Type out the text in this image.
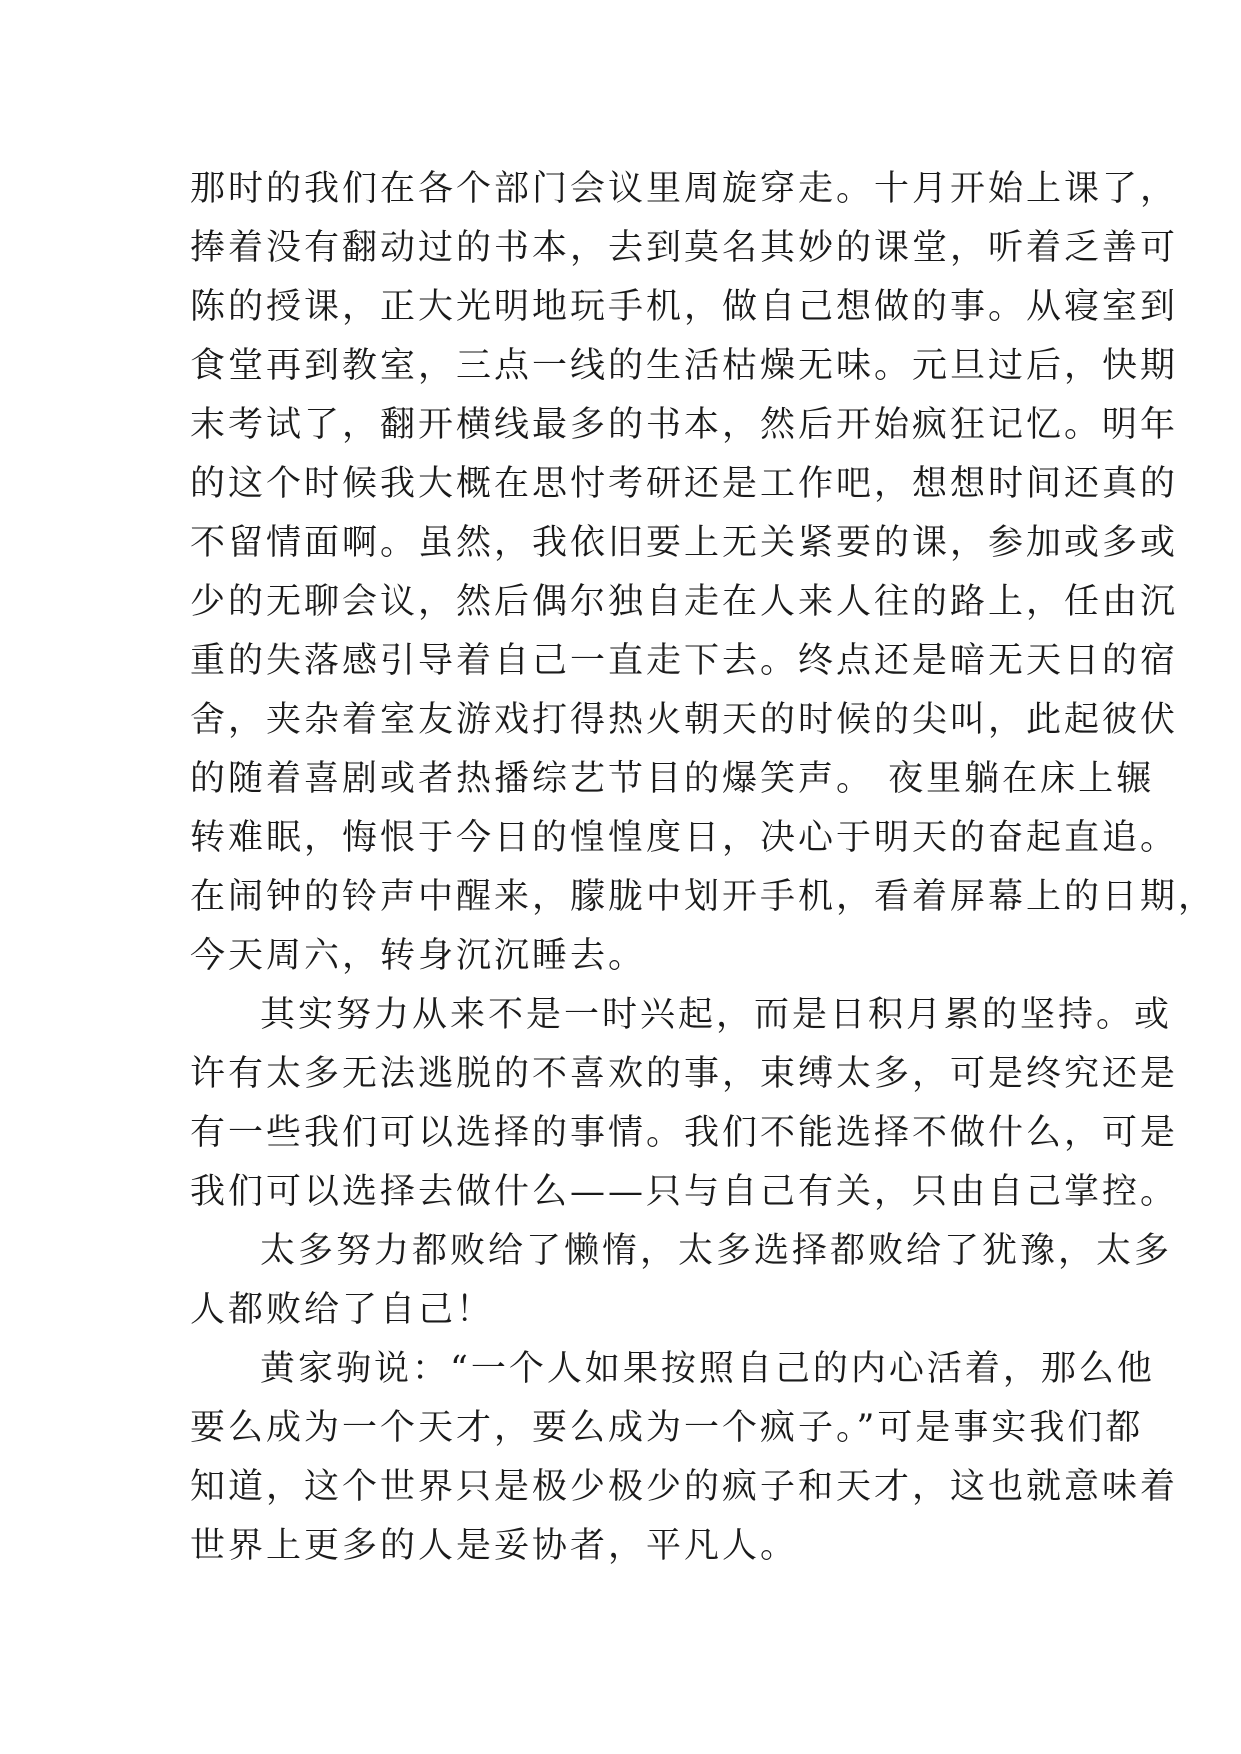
那时的我们在各个部门会议里周旋穿走。十月开始上课了，
捧着没有翻动过的书本，去到莫名其妙的课堂，听着乏善可
陈的授课，正大光明地玩手机，做自己想做的事。从寝室到
食堂再到教室，三点一线的生活枯燥无味。元旦过后，快期
末考试了，翻开横线最多的书本，然后开始疯狂记忆。明年
的这个时候我大概在思忖考研还是工作吧，想想时间还真的
不留情面啊。虽然，我依旧要上无关紧要的课，参加或多或
少的无聊会议，然后偶尔独自走在人来人往的路上，任由沉
重的失落感引导着自己一直走下去。终点还是暗无天日的宿
舍，夹杂着室友游戏打得热火朝天的时候的尖叫，此起彼伏
的随着喜剧或者热播综艺节目的爆笑声。 夜里躺在床上辗
转难眠，悔恨于今日的惶惶度日，决心于明天的奋起直追。
在闹钟的铃声中醒来，朦胧中划开手机，看着屏幕上的日期，
今天周六，转身沉沉睡去。
其实努力从来不是一时兴起，而是日积月累的坚持。或
许有太多无法逃脱的不喜欢的事，束缚太多，可是终究还是
有一些我们可以选择的事情。我们不能选择不做什么，可是
我们可以选择去做什么——只与自己有关，只由自己掌控。
太多努力都败给了懒惰，太多选择都败给了犹豫，太多
人都败给了自己！
黄家驹说：“一个人如果按照自己的内心活着，那么他
要么成为一个天才，要么成为一个疯子。”可是事实我们都
知道，这个世界只是极少极少的疯子和天才，这也就意味着
世界上更多的人是妥协者，平凡人。
